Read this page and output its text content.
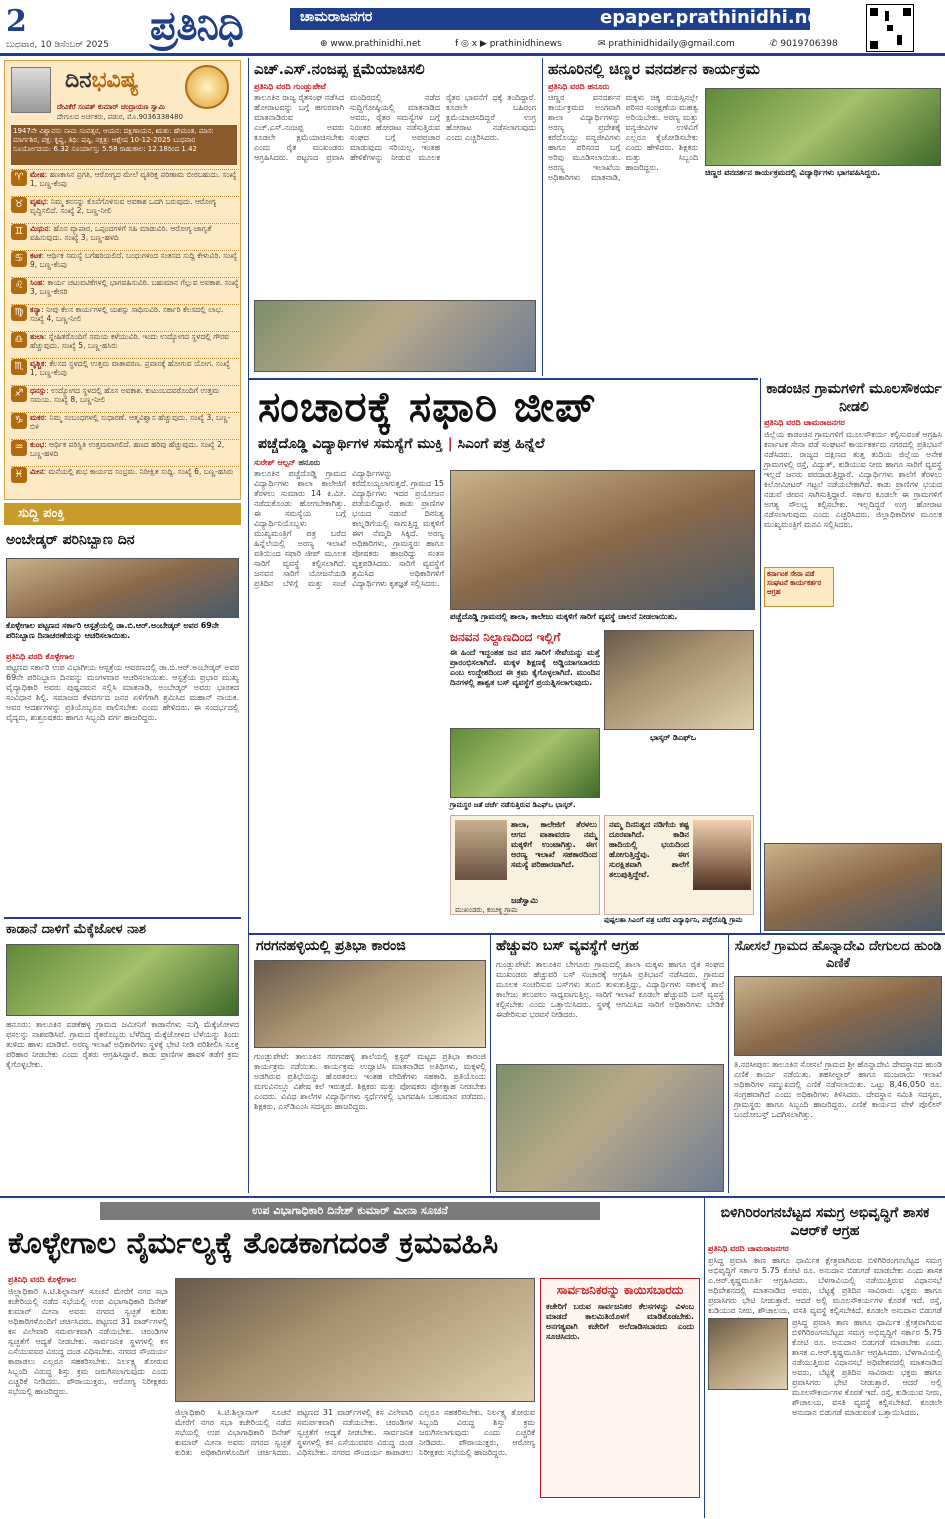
2
ಬುಧವಾರ, 10 ಡಿಸೆಂಬರ್ 2025 ಪ್ರತಿನಿಧಿ	ಚಾಮರಾಜನಗರ	epaper.prathinidhi.net
⊕ www.prathinidhi.net	f ◎ x ▶ prathinidhinews	✉ prathinidhidaily@gmail.com	✆ 9019706398
ದಿನಭವಿಷ್ಯ
ದೇವಿಕೆರೆ ಸಂಪತ್ ಕುಮಾರ್ ಚಂದ್ರಾಯಣ ಸ್ವಾಮಿ
ದೇಗುಲದ ಅರ್ಚಕರು, ಪಡುರ, ಮೊ.9036338480
1947ನೇ ವಿಶ್ವಾವಸು ನಾಮ ಸಂವತ್ಸರ, ಆಯನ: ದಕ್ಷಿಣಾಯನ, ಋತು: ಹೇಮಂತ, ಮಾಸ: ಮಾರ್ಗಶಿರ, ಪಕ್ಷ: ಕೃಷ್ಣ, ತಿಥಿ: ಷಷ್ಠಿ, ನಕ್ಷತ್ರ: ಆಶ್ಲೇಷ 10-12-2025 ಬುಧವಾರ ಸೂರ್ಯೋದಯ: 6.32 ಸೂರ್ಯಾಸ್ತ: 5.58 ರಾಹುಕಾಲ: 12.18ರಿಂದ 1.42
♈ ಮೇಷ: ಹಣಕಾಸಿನ ಪ್ರಗತಿ, ಆರೋಗ್ಯದ ಮೇಲೆ ವ್ಯತಿರಿಕ್ತ ಪರಿಣಾಮ ಬೀರಬಹುದು. ಸಂಖ್ಯೆ 1, ಬಣ್ಣ-ಕೆಂಪು
♉ ವೃಷಭ: ನಿಮ್ಮ ಕನಸನ್ನು ಕೊನೆಗೊಳಿಸುವ ಅವಕಾಶ ಒದಗಿ ಬರುವುದು. ಆರೋಗ್ಯ ವೃದ್ಧಿಸಲಿದೆ. ಸಂಖ್ಯೆ 2, ಬಣ್ಣ-ನೀಲಿ
♊ ಮಿಥುನ: ಹೊಸ ವ್ಯಾಪಾರ, ಒಪ್ಪಂದಗಳಿಗೆ ಸಹಿ ಮಾಡುವಿರಿ. ಆರೋಗ್ಯ ಜಾಗೃತೆ ವಹಿಸುವುದು. ಸಂಖ್ಯೆ 3, ಬಣ್ಣ-ಹಳದಿ
♋ ಕಟಕ: ಆರ್ಥಿಕ ಸಮಸ್ಯೆ ಬಗೆಹರಿಯಲಿದೆ. ಬಂಧುಗಳಿಂದ ಸಂತಸದ ಸುದ್ದಿ ಕೇಳುವಿರಿ. ಸಂಖ್ಯೆ 9, ಬಣ್ಣ-ಕೆಂಪು
♌ ಸಿಂಹ: ಕಾರ್ಯ ಚಟುವಟಿಕೆಗಳಲ್ಲಿ ಭಾಗವಹಿಸುವಿರಿ. ಬಹುಮಾನ ಗೆಲ್ಲುವ ಅವಕಾಶ. ಸಂಖ್ಯೆ 3, ಬಣ್ಣ-ಕೇಸರಿ
♍ ಕನ್ಯಾ: ನೀವು ಕೆಲಸ ಕಾರ್ಯಗಳಲ್ಲಿ ಯಶಸ್ಸು ಸಾಧಿಸುವಿರಿ. ಸರ್ಕಾರಿ ಕೆಲಸದಲ್ಲಿ ಲಾಭ. ಸಂಖ್ಯೆ 4, ಬಣ್ಣ-ನೀಲಿ
♎ ತುಲಾ: ಸ್ನೇಹಿತರೊಂದಿಗೆ ಸಮಯ ಕಳೆಯುವಿರಿ. ಇಂದು ಉದ್ಯೋಗದ ಸ್ಥಳದಲ್ಲಿ ಗೌರವ ಹೆಚ್ಚುವುದು. ಸಂಖ್ಯೆ 5, ಬಣ್ಣ-ಹಸಿರು
♏ ವೃಶ್ಚಿಕ: ಕೆಲಸದ ಸ್ಥಳದಲ್ಲಿ ಉತ್ತಮ ವಾತಾವರಣ. ಪ್ರವಾಸಕ್ಕೆ ಹೋಗುವ ಯೋಗ. ಸಂಖ್ಯೆ 1, ಬಣ್ಣ-ಕೆಂಪು
♐ ಧನಸ್ಸು: ಉದ್ಯೋಗದ ಸ್ಥಳದಲ್ಲಿ ಹೊಸ ಅವಕಾಶ. ಕುಟುಂಬದವರೊಂದಿಗೆ ಉತ್ತಮ ಸಮಯ. ಸಂಖ್ಯೆ 8, ಬಣ್ಣ-ನೀಲಿ
♑ ಮಕರ: ನಿಮ್ಮ ಸಂಬಂಧಗಳಲ್ಲಿ ಸುಧಾರಣೆ. ಆತ್ಮವಿಶ್ವಾಸ ಹೆಚ್ಚುವುದು. ಸಂಖ್ಯೆ 3, ಬಣ್ಣ-ಬಿಳಿ
♒ ಕುಂಭ: ಆರ್ಥಿಕ ಪರಿಸ್ಥಿತಿ ಉತ್ತಮವಾಗಲಿದೆ. ಹಣದ ಹರಿವು ಹೆಚ್ಚುವುದು. ಸಂಖ್ಯೆ 2, ಬಣ್ಣ-ಹಳದಿ
♓ ಮೀನ: ಮನೆಯಲ್ಲಿ ಶುಭ ಕಾರ್ಯದ ಸಂಭ್ರಮ. ನಿರೀಕ್ಷಿತ ಸುದ್ದಿ. ಸಂಖ್ಯೆ 6, ಬಣ್ಣ-ಹಸಿರು
ಸುದ್ದಿ ಪಂಕ್ತಿ
ಅಂಬೇಡ್ಕರ್ ಪರಿನಿಬ್ಬಾಣ ದಿನ
ಕೊಳ್ಳೇಗಾಲ ಪಟ್ಟಣದ ಸರ್ಕಾರಿ ಆಸ್ಪತ್ರೆಯಲ್ಲಿ ಡಾ.ಬಿ.ಆರ್.ಅಂಬೇಡ್ಕರ್ ಅವರ 69ನೇ ಪರಿನಿಬ್ಬಾಣ ದಿನಾಚರಣೆಯನ್ನು ಆಚರಿಸಲಾಯಿತು.
ಪ್ರತಿನಿಧಿ ವರದಿ ಕೊಳ್ಳೇಗಾಲ
ಪಟ್ಟಣದ ಸರ್ಕಾರಿ ಉಪ ವಿಭಾಗೀಯ ಆಸ್ಪತ್ರೆಯ ಆವರಣದಲ್ಲಿ ಡಾ.ಬಿ.ಆರ್.ಅಂಬೇಡ್ಕರ್ ಅವರ 69ನೇ ಪರಿನಿಬ್ಬಾಣ ದಿನವನ್ನು ಮಂಗಳವಾರ ಆಚರಿಸಲಾಯಿತು. ಆಸ್ಪತ್ರೆಯ ಪ್ರಭಾರ ಮುಖ್ಯ ವೈದ್ಯಾಧಿಕಾರಿ ಅವರು ಪುಷ್ಪನಮನ ಸಲ್ಲಿಸಿ ಮಾತನಾಡಿ, ಅಂಬೇಡ್ಕರ್ ಅವರು ಭಾರತದ ಸಂವಿಧಾನ ಶಿಲ್ಪಿ. ಸಮಾಜದ ಕೆಳವರ್ಗದ ಜನರ ಏಳಿಗೆಗಾಗಿ ಶ್ರಮಿಸಿದ ಮಹಾನ್ ನಾಯಕ. ಅವರ ಆದರ್ಶಗಳನ್ನು ಪ್ರತಿಯೊಬ್ಬರೂ ಪಾಲಿಸಬೇಕು ಎಂದು ಹೇಳಿದರು. ಈ ಸಂದರ್ಭದಲ್ಲಿ ವೈದ್ಯರು, ಶುಶ್ರೂಷಕರು ಹಾಗೂ ಸಿಬ್ಬಂದಿ ವರ್ಗ ಹಾಜರಿದ್ದರು.
ಕಾಡಾನೆ ದಾಳಿಗೆ ಮೆಕ್ಕೆಜೋಳ ನಾಶ
ಹನೂರು: ತಾಲೂಕಿನ ವಡಕೆಹಳ್ಳ ಗ್ರಾಮದ ಜಮೀನಿಗೆ ಕಾಡಾನೆಗಳು ನುಗ್ಗಿ ಮೆಕ್ಕೆಜೋಳದ ಫಸಲನ್ನು ನಾಶಪಡಿಸಿವೆ. ಗ್ರಾಮದ ರೈತರೊಬ್ಬರು ಬೆಳೆದಿದ್ದ ಮೆಕ್ಕೆಜೋಳದ ಬೆಳೆಯನ್ನು ತಿಂದು ತುಳಿದು ಹಾಳು ಮಾಡಿವೆ. ಅರಣ್ಯ ಇಲಾಖೆ ಅಧಿಕಾರಿಗಳು ಸ್ಥಳಕ್ಕೆ ಭೇಟಿ ನೀಡಿ ಪರಿಶೀಲಿಸಿ ಸೂಕ್ತ ಪರಿಹಾರ ನೀಡಬೇಕು ಎಂದು ರೈತರು ಆಗ್ರಹಿಸಿದ್ದಾರೆ. ಕಾಡು ಪ್ರಾಣಿಗಳ ಹಾವಳಿ ತಡೆಗೆ ಕ್ರಮ ಕೈಗೊಳ್ಳಬೇಕು.
ಎಚ್.ಎಸ್.ನಂಜಪ್ಪ ಕ್ಷಮೆಯಾಚಿಸಲಿ
ಪ್ರತಿನಿಧಿ ವರದಿ ಗುಂಡ್ಲುಪೇಟೆ
ತಾಲೂಕಿನ ರಾಜ್ಯ ರೈತಸಂಘ ನಡೆಸಿದ ಹೋರಾಟವನ್ನು ಬಗ್ಗೆ ಹಗುರವಾಗಿ ಮಾತನಾಡಿರುವ ಎಚ್.ಎಸ್.ನಂಜಪ್ಪ ಅವರು ಕೂಡಲೇ ಕ್ಷಮೆಯಾಚಿಸಬೇಕು ಎಂದು ರೈತ ಮುಖಂಡರು ಆಗ್ರಹಿಸಿದರು. ಪಟ್ಟಣದ ಪ್ರವಾಸಿ ಮಂದಿರದಲ್ಲಿ ನಡೆದ ಸುದ್ದಿಗೋಷ್ಠಿಯಲ್ಲಿ ಮಾತನಾಡಿದ ಅವರು, ರೈತರ ಸಮಸ್ಯೆಗಳ ಬಗ್ಗೆ ನಿರಂತರ ಹೋರಾಟ ನಡೆಸುತ್ತಿರುವ ಸಂಘದ ಬಗ್ಗೆ ಅಪಪ್ರಚಾರ ಮಾಡುವುದು ಸರಿಯಲ್ಲ. ಇಂತಹ ಹೇಳಿಕೆಗಳನ್ನು ನೀಡುವ ಮೂಲಕ ರೈತರ ಭಾವನೆಗೆ ಧಕ್ಕೆ ತಂದಿದ್ದಾರೆ. ಕೂಡಲೇ ಬಹಿರಂಗ ಕ್ಷಮೆಯಾಚಿಸದಿದ್ದರೆ ಉಗ್ರ ಹೋರಾಟ ನಡೆಸಲಾಗುವುದು ಎಂದು ಎಚ್ಚರಿಸಿದರು.
ಹನೂರಿನಲ್ಲಿ ಚಿಣ್ಣರ ವನದರ್ಶನ ಕಾರ್ಯಕ್ರಮ
ಪ್ರತಿನಿಧಿ ವರದಿ ಹನೂರು
ಚಿಣ್ಣರ ವನದರ್ಶನ ಕಾರ್ಯಕ್ರಮದ ಅಂಗವಾಗಿ ಶಾಲಾ ವಿದ್ಯಾರ್ಥಿಗಳನ್ನು ಅರಣ್ಯ ಪ್ರದೇಶಕ್ಕೆ ಕರೆದೊಯ್ದು ವನ್ಯಜೀವಿಗಳು ಹಾಗೂ ಪರಿಸರದ ಬಗ್ಗೆ ಅರಿವು ಮೂಡಿಸಲಾಯಿತು. ಅರಣ್ಯ ಇಲಾಖೆಯ ಅಧಿಕಾರಿಗಳು ಮಾತನಾಡಿ, ಮಕ್ಕಳು ಚಿಕ್ಕ ವಯಸ್ಸಿನಲ್ಲೇ ಪರಿಸರ ಸಂರಕ್ಷಣೆಯ ಮಹತ್ವ ಅರಿಯಬೇಕು. ಅರಣ್ಯ ಮತ್ತು ವನ್ಯಜೀವಿಗಳ ಉಳಿವಿಗೆ ಎಲ್ಲರೂ ಕೈಜೋಡಿಸಬೇಕು ಎಂದು ಹೇಳಿದರು. ಶಿಕ್ಷಕರು ಮತ್ತು ಸಿಬ್ಬಂದಿ ಹಾಜರಿದ್ದರು.
ಚಿಣ್ಣರ ವನದರ್ಶನ ಕಾರ್ಯಕ್ರಮದಲ್ಲಿ ವಿದ್ಯಾರ್ಥಿಗಳು ಭಾಗವಹಿಸಿದ್ದರು.
ಸಂಚಾರಕ್ಕೆ ಸಫಾರಿ ಜೀಪ್
ಪಚ್ಚೆದೊಡ್ಡಿ ವಿದ್ಯಾರ್ಥಿಗಳ ಸಮಸ್ಯೆಗೆ ಮುಕ್ತಿ | ಸಿಎಂಗೆ ಪತ್ರ ಹಿನ್ನೆಲೆ
ಸುರೇಶ್ ಆಲ್ಪನ್ ಹನೂರು
ತಾಲೂಕಿನ ಪಚ್ಚೆದೊಡ್ಡಿ ಗ್ರಾಮದ ವಿದ್ಯಾರ್ಥಿಗಳು ಶಾಲಾ ಕಾಲೇಜಿಗೆ ತೆರಳಲು ಸುಮಾರು 14 ಕಿ.ಮೀ. ನಡೆದುಕೊಂಡು ಹೋಗಬೇಕಾಗಿತ್ತು. ಈ ಸಮಸ್ಯೆಯ ಬಗ್ಗೆ ವಿದ್ಯಾರ್ಥಿನಿಯೊಬ್ಬಳು ಮುಖ್ಯಮಂತ್ರಿಗೆ ಪತ್ರ ಬರೆದ ಹಿನ್ನೆಲೆಯಲ್ಲಿ ಅರಣ್ಯ ಇಲಾಖೆ ವತಿಯಿಂದ ಸಫಾರಿ ಜೀಪ್ ಮೂಲಕ ಸಾರಿಗೆ ವ್ಯವಸ್ಥೆ ಕಲ್ಪಿಸಲಾಗಿದೆ. ಜನವನ ಸಾರಿಗೆ ಯೋಜನೆಯಡಿ ಪ್ರತಿದಿನ ಬೆಳಿಗ್ಗೆ ಮತ್ತು ಸಂಜೆ ವಿದ್ಯಾರ್ಥಿಗಳನ್ನು ಕರೆದೊಯ್ಯಲಾಗುತ್ತದೆ. ಗ್ರಾಮದ 15 ವಿದ್ಯಾರ್ಥಿಗಳು ಇದರ ಪ್ರಯೋಜನ ಪಡೆಯಲಿದ್ದಾರೆ. ಕಾಡು ಪ್ರಾಣಿಗಳ ಭಯದ ನಡುವೆ ದಿನನಿತ್ಯ ಕಾಲ್ನಡಿಗೆಯಲ್ಲಿ ಸಾಗುತ್ತಿದ್ದ ಮಕ್ಕಳಿಗೆ ಈಗ ನೆಮ್ಮದಿ ಸಿಕ್ಕಿದೆ. ಅರಣ್ಯ ಅಧಿಕಾರಿಗಳು, ಗ್ರಾಮಸ್ಥರು ಹಾಗೂ ಪೋಷಕರು ಹಾಜರಿದ್ದು ಸಂತಸ ವ್ಯಕ್ತಪಡಿಸಿದರು. ಸಾರಿಗೆ ವ್ಯವಸ್ಥೆಗೆ ಶ್ರಮಿಸಿದ ಅಧಿಕಾರಿಗಳಿಗೆ ವಿದ್ಯಾರ್ಥಿಗಳು ಕೃತಜ್ಞತೆ ಸಲ್ಲಿಸಿದರು.
ಪಚ್ಚೆದೊಡ್ಡಿ ಗ್ರಾಮದಲ್ಲಿ ಶಾಲಾ, ಕಾಲೇಜು ಮಕ್ಕಳಿಗೆ ಸಾರಿಗೆ ವ್ಯವಸ್ಥೆ ಚಾಲನೆ ನೀಡಲಾಯಿತು.
ಜನವನ ನಿಲ್ದಾಣದಿಂದ ಇಲ್ಲಿಗೆ
ಈ ಹಿಂದೆ ಇದ್ದಂತಹ ಜನ ವನ ಸಾರಿಗೆ ಸೇವೆಯನ್ನು ಮತ್ತೆ ಪ್ರಾರಂಭಿಸಲಾಗಿದೆ. ಮಕ್ಕಳ ಶಿಕ್ಷಣಕ್ಕೆ ಅಡ್ಡಿಯಾಗಬಾರದು ಎಂಬ ಉದ್ದೇಶದಿಂದ ಈ ಕ್ರಮ ಕೈಗೊಳ್ಳಲಾಗಿದೆ. ಮುಂದಿನ ದಿನಗಳಲ್ಲಿ ಶಾಶ್ವತ ಬಸ್ ವ್ಯವಸ್ಥೆಗೆ ಪ್ರಯತ್ನಿಸಲಾಗುವುದು.
ಭಾಸ್ಕರ್ ಡಿಎಫ್‌ಒ
ಗ್ರಾಮಸ್ಥರ ಜತೆ ಚರ್ಚೆ ನಡೆಸುತ್ತಿರುವ ಡಿಎಫ್‌ಒ ಭಾಸ್ಕರ್.
ಶಾಲಾ, ಕಾಲೇಜಿಗೆ ತೆರಳಲು ಆಗದ ವಾತಾವರಣ ನಮ್ಮ ಮಕ್ಕಳಿಗೆ ಉಂಟಾಗಿತ್ತು. ಈಗ ಅರಣ್ಯ ಇಲಾಖೆ ಸಹಕಾರದಿಂದ ಸಮಸ್ಯೆ ಪರಿಹಾರವಾಗಿದೆ.
ಜಡೆಸ್ವಾಮಿ
ಮುಖಂಡರು, ಕಂಚಳ್ಳಿ ಗ್ರಾಮ
ನಮ್ಮ ದಿನನಿತ್ಯದ ನಡಿಗೆಯ ಕಷ್ಟ ದೂರವಾಗಿದೆ. ಕಾಡಿನ ಹಾದಿಯಲ್ಲಿ ಭಯದಿಂದ ಹೋಗುತ್ತಿದ್ದೆವು. ಈಗ ಸುರಕ್ಷಿತವಾಗಿ ಶಾಲೆಗೆ ತಲುಪುತ್ತಿದ್ದೇವೆ.
ಪುಷ್ಪಲತಾ ಸಿಎಂಗೆ ಪತ್ರ ಬರೆದ ವಿದ್ಯಾರ್ಥಿನಿ, ಪಚ್ಚೆದೊಡ್ಡಿ ಗ್ರಾಮ
ಕಾಡಂಚಿನ ಗ್ರಾಮಗಳಿಗೆ ಮೂಲಸೌಕರ್ಯ ನೀಡಲಿ
ಪ್ರತಿನಿಧಿ ವರದಿ ಚಾಮರಾಜನಗರ
ಜಿಲ್ಲೆಯ ಕಾಡಂಚಿನ ಗ್ರಾಮಗಳಿಗೆ ಮೂಲಸೌಕರ್ಯ ಕಲ್ಪಿಸುವಂತೆ ಆಗ್ರಹಿಸಿ ಕರ್ನಾಟಕ ಸೇನಾ ಪಡೆ ಸಂಘಟನೆ ಕಾರ್ಯಕರ್ತರು ನಗರದಲ್ಲಿ ಪ್ರತಿಭಟನೆ ನಡೆಸಿದರು. ರಾಜ್ಯದ ದಕ್ಷಿಣದ ತುತ್ತ ತುದಿಯ ಜಿಲ್ಲೆಯ ಅನೇಕ ಗ್ರಾಮಗಳಲ್ಲಿ ರಸ್ತೆ, ವಿದ್ಯುತ್, ಕುಡಿಯುವ ನೀರು ಹಾಗೂ ಸಾರಿಗೆ ವ್ಯವಸ್ಥೆ ಇಲ್ಲದೆ ಜನರು ಪರದಾಡುತ್ತಿದ್ದಾರೆ. ವಿದ್ಯಾರ್ಥಿಗಳು ಶಾಲೆಗೆ ತೆರಳಲು ಕಿಲೋಮೀಟರ್ ಗಟ್ಟಲೆ ನಡೆಯಬೇಕಾಗಿದೆ. ಕಾಡು ಪ್ರಾಣಿಗಳ ಭಯದ ನಡುವೆ ಜೀವನ ಸಾಗಿಸುತ್ತಿದ್ದಾರೆ. ಸರ್ಕಾರ ಕೂಡಲೇ ಈ ಗ್ರಾಮಗಳಿಗೆ ಅಗತ್ಯ ಸೌಲಭ್ಯ ಕಲ್ಪಿಸಬೇಕು. ಇಲ್ಲದಿದ್ದರೆ ಉಗ್ರ ಹೋರಾಟ ನಡೆಸಲಾಗುವುದು ಎಂದು ಎಚ್ಚರಿಸಿದರು. ಜಿಲ್ಲಾಧಿಕಾರಿಗಳ ಮೂಲಕ ಮುಖ್ಯಮಂತ್ರಿಗೆ ಮನವಿ ಸಲ್ಲಿಸಿದರು.
ಕರ್ನಾಟಕ ಸೇನಾ ಪಡೆ ಸಂಘಟನೆ ಕಾರ್ಯಕರ್ತರ ಆಗ್ರಹ
ಗರಗನಹಳ್ಳಿಯಲ್ಲಿ ಪ್ರತಿಭಾ ಕಾರಂಜಿ
ಗುಂಡ್ಲುಪೇಟೆ: ತಾಲೂಕಿನ ಗರಗನಹಳ್ಳಿ ಶಾಲೆಯಲ್ಲಿ ಕ್ಲಸ್ಟರ್ ಮಟ್ಟದ ಪ್ರತಿಭಾ ಕಾರಂಜಿ ಕಾರ್ಯಕ್ರಮ ನಡೆಯಿತು. ಕಾರ್ಯಕ್ರಮ ಉದ್ಘಾಟಿಸಿ ಮಾತನಾಡಿದ ಅತಿಥಿಗಳು, ಮಕ್ಕಳಲ್ಲಿ ಅಡಗಿರುವ ಪ್ರತಿಭೆಯನ್ನು ಹೊರತರಲು ಇಂತಹ ವೇದಿಕೆಗಳು ಸಹಕಾರಿ. ಪ್ರತಿಯೊಂದು ಮಗುವಿನಲ್ಲೂ ವಿಶೇಷ ಕಲೆ ಇರುತ್ತದೆ. ಶಿಕ್ಷಕರು ಮತ್ತು ಪೋಷಕರು ಪ್ರೋತ್ಸಾಹ ನೀಡಬೇಕು ಎಂದರು. ವಿವಿಧ ಶಾಲೆಗಳ ವಿದ್ಯಾರ್ಥಿಗಳು ಸ್ಪರ್ಧೆಗಳಲ್ಲಿ ಭಾಗವಹಿಸಿ ಬಹುಮಾನ ಪಡೆದರು. ಶಿಕ್ಷಕರು, ಎಸ್‌ಡಿಎಂಸಿ ಸದಸ್ಯರು ಹಾಜರಿದ್ದರು.
ಹೆಚ್ಚುವರಿ ಬಸ್ ವ್ಯವಸ್ಥೆಗೆ ಆಗ್ರಹ
ಗುಂಡ್ಲುಪೇಟೆ: ತಾಲೂಕಿನ ಬೇಗೂರು ಗ್ರಾಮದಲ್ಲಿ ಶಾಲಾ ಮಕ್ಕಳು ಹಾಗೂ ರೈತ ಸಂಘದ ಮುಖಂಡರು ಹೆಚ್ಚುವರಿ ಬಸ್ ಸಂಚಾರಕ್ಕೆ ಆಗ್ರಹಿಸಿ ಪ್ರತಿಭಟನೆ ನಡೆಸಿದರು. ಗ್ರಾಮದ ಮೂಲಕ ಸಂಚರಿಸುವ ಬಸ್‌ಗಳು ತುಂಬಿ ತುಳುಕುತ್ತಿದ್ದು, ವಿದ್ಯಾರ್ಥಿಗಳು ಸಕಾಲಕ್ಕೆ ಶಾಲೆ ಕಾಲೇಜು ತಲುಪಲು ಸಾಧ್ಯವಾಗುತ್ತಿಲ್ಲ. ಸಾರಿಗೆ ಇಲಾಖೆ ಕೂಡಲೇ ಹೆಚ್ಚುವರಿ ಬಸ್ ವ್ಯವಸ್ಥೆ ಕಲ್ಪಿಸಬೇಕು ಎಂದು ಒತ್ತಾಯಿಸಿದರು. ಸ್ಥಳಕ್ಕೆ ಆಗಮಿಸಿದ ಸಾರಿಗೆ ಅಧಿಕಾರಿಗಳು ಬೇಡಿಕೆ ಈಡೇರಿಸುವ ಭರವಸೆ ನೀಡಿದರು.
ಸೋಸಲೆ ಗ್ರಾಮದ ಹೊನ್ನಾದೇವಿ ದೇಗುಲದ ಹುಂಡಿ ಎಣಿಕೆ
ತಿ.ನರಸೀಪುರ: ತಾಲೂಕಿನ ಸೋಸಲೆ ಗ್ರಾಮದ ಶ್ರೀ ಹೊನ್ನಾದೇವಿ ದೇವಸ್ಥಾನದ ಹುಂಡಿ ಎಣಿಕೆ ಕಾರ್ಯ ನಡೆಯಿತು. ತಹಸೀಲ್ದಾರ್ ಹಾಗೂ ಮುಜರಾಯಿ ಇಲಾಖೆ ಅಧಿಕಾರಿಗಳ ಸಮ್ಮುಖದಲ್ಲಿ ಎಣಿಕೆ ನಡೆಸಲಾಯಿತು. ಒಟ್ಟು 8,46,050 ರೂ. ಸಂಗ್ರಹವಾಗಿದೆ ಎಂದು ಅಧಿಕಾರಿಗಳು ತಿಳಿಸಿದರು. ದೇವಸ್ಥಾನ ಸಮಿತಿ ಸದಸ್ಯರು, ಗ್ರಾಮಸ್ಥರು ಹಾಗೂ ಸಿಬ್ಬಂದಿ ಹಾಜರಿದ್ದರು. ಎಣಿಕೆ ಕಾರ್ಯದ ವೇಳೆ ಪೊಲೀಸ್ ಬಂದೋಬಸ್ತ್ ಒದಗಿಸಲಾಗಿತ್ತು.
ಉಪ ವಿಭಾಗಾಧಿಕಾರಿ ದಿನೇಶ್ ಕುಮಾರ್ ಮೀನಾ ಸೂಚನೆ
ಕೊಳ್ಳೇಗಾಲ ನೈರ್ಮಲ್ಯಕ್ಕೆ ತೊಡಕಾಗದಂತೆ ಕ್ರಮವಹಿಸಿ
ಪ್ರತಿನಿಧಿ ವರದಿ ಕೊಳ್ಳೇಗಾಲ
ಜಿಲ್ಲಾಧಿಕಾರಿ ಸಿ.ಟಿ.ಶಿಲ್ಪಾನಾಗ್ ಸೂಚನೆ ಮೇರೆಗೆ ನಗರ ಸಭಾ ಕಚೇರಿಯಲ್ಲಿ ನಡೆದ ಸಭೆಯಲ್ಲಿ ಉಪ ವಿಭಾಗಾಧಿಕಾರಿ ದಿನೇಶ್ ಕುಮಾರ್ ಮೀನಾ ಅವರು ನಗರದ ಸ್ವಚ್ಛತೆ ಕುರಿತು ಅಧಿಕಾರಿಗಳೊಂದಿಗೆ ಚರ್ಚಿಸಿದರು. ಪಟ್ಟಣದ 31 ವಾರ್ಡ್‌ಗಳಲ್ಲಿ ಕಸ ವಿಲೇವಾರಿ ಸಮರ್ಪಕವಾಗಿ ನಡೆಯಬೇಕು. ಚರಂಡಿಗಳ ಸ್ವಚ್ಛತೆಗೆ ಆದ್ಯತೆ ನೀಡಬೇಕು. ಸಾರ್ವಜನಿಕ ಸ್ಥಳಗಳಲ್ಲಿ ಕಸ ಎಸೆಯುವವರ ವಿರುದ್ಧ ದಂಡ ವಿಧಿಸಬೇಕು. ನಗರದ ಸೌಂದರ್ಯ ಕಾಪಾಡಲು ಎಲ್ಲರೂ ಸಹಕರಿಸಬೇಕು. ನಿರ್ಲಕ್ಷ್ಯ ತೋರುವ ಸಿಬ್ಬಂದಿ ವಿರುದ್ಧ ಶಿಸ್ತು ಕ್ರಮ ಜರುಗಿಸಲಾಗುವುದು ಎಂದು ಎಚ್ಚರಿಕೆ ನೀಡಿದರು. ಪೌರಾಯುಕ್ತರು, ಆರೋಗ್ಯ ನಿರೀಕ್ಷಕರು ಸಭೆಯಲ್ಲಿ ಹಾಜರಿದ್ದರು.
ಜಿಲ್ಲಾಧಿಕಾರಿ ಸಿ.ಟಿ.ಶಿಲ್ಪಾನಾಗ್ ಸೂಚನೆ ಮೇರೆಗೆ ನಗರ ಸಭಾ ಕಚೇರಿಯಲ್ಲಿ ನಡೆದ ಸಭೆಯಲ್ಲಿ ಉಪ ವಿಭಾಗಾಧಿಕಾರಿ ದಿನೇಶ್ ಕುಮಾರ್ ಮೀನಾ ಅವರು ನಗರದ ಸ್ವಚ್ಛತೆ ಕುರಿತು ಅಧಿಕಾರಿಗಳೊಂದಿಗೆ ಚರ್ಚಿಸಿದರು. ಪಟ್ಟಣದ 31 ವಾರ್ಡ್‌ಗಳಲ್ಲಿ ಕಸ ವಿಲೇವಾರಿ ಸಮರ್ಪಕವಾಗಿ ನಡೆಯಬೇಕು. ಚರಂಡಿಗಳ ಸ್ವಚ್ಛತೆಗೆ ಆದ್ಯತೆ ನೀಡಬೇಕು. ಸಾರ್ವಜನಿಕ ಸ್ಥಳಗಳಲ್ಲಿ ಕಸ ಎಸೆಯುವವರ ವಿರುದ್ಧ ದಂಡ ವಿಧಿಸಬೇಕು. ನಗರದ ಸೌಂದರ್ಯ ಕಾಪಾಡಲು ಎಲ್ಲರೂ ಸಹಕರಿಸಬೇಕು. ನಿರ್ಲಕ್ಷ್ಯ ತೋರುವ ಸಿಬ್ಬಂದಿ ವಿರುದ್ಧ ಶಿಸ್ತು ಕ್ರಮ ಜರುಗಿಸಲಾಗುವುದು ಎಂದು ಎಚ್ಚರಿಕೆ ನೀಡಿದರು. ಪೌರಾಯುಕ್ತರು, ಆರೋಗ್ಯ ನಿರೀಕ್ಷಕರು ಸಭೆಯಲ್ಲಿ ಹಾಜರಿದ್ದರು.
ಸಾರ್ವಜನಿಕರನ್ನು ಕಾಯಿಸಬಾರದು
ಕಚೇರಿಗೆ ಬರುವ ಸಾರ್ವಜನಿಕರ ಕೆಲಸಗಳನ್ನು ವಿಳಂಬ ಮಾಡದೆ ಕಾಲಮಿತಿಯೊಳಗೆ ಮಾಡಿಕೊಡಬೇಕು. ಅನಗತ್ಯವಾಗಿ ಕಚೇರಿಗೆ ಅಲೆದಾಡಿಸಬಾರದು ಎಂದು ಸೂಚಿಸಿದರು.
ಬಿಳಿಗಿರಿರಂಗನಬೆಟ್ಟದ ಸಮಗ್ರ ಅಭಿವೃದ್ಧಿಗೆ ಶಾಸಕ ಎಆರ್‌ಕೆ ಆಗ್ರಹ
ಪ್ರತಿನಿಧಿ ವರದಿ ಚಾಮರಾಜನಗರ
ಪ್ರಸಿದ್ಧ ಪ್ರವಾಸಿ ತಾಣ ಹಾಗೂ ಧಾರ್ಮಿಕ ಕ್ಷೇತ್ರವಾಗಿರುವ ಬಿಳಿಗಿರಿರಂಗನಬೆಟ್ಟದ ಸಮಗ್ರ ಅಭಿವೃದ್ಧಿಗೆ ಸರ್ಕಾರ 5.75 ಕೋಟಿ ರೂ. ಅನುದಾನ ಬಿಡುಗಡೆ ಮಾಡಬೇಕು ಎಂದು ಶಾಸಕ ಎ.ಆರ್.ಕೃಷ್ಣಮೂರ್ತಿ ಆಗ್ರಹಿಸಿದರು. ಬೆಳಗಾವಿಯಲ್ಲಿ ನಡೆಯುತ್ತಿರುವ ವಿಧಾನಸಭೆ ಅಧಿವೇಶನದಲ್ಲಿ ಮಾತನಾಡಿದ ಅವರು, ಬೆಟ್ಟಕ್ಕೆ ಪ್ರತಿದಿನ ಸಾವಿರಾರು ಭಕ್ತರು ಹಾಗೂ ಪ್ರವಾಸಿಗರು ಭೇಟಿ ನೀಡುತ್ತಾರೆ. ಆದರೆ ಅಲ್ಲಿ ಮೂಲಸೌಕರ್ಯಗಳ ಕೊರತೆ ಇದೆ. ರಸ್ತೆ, ಕುಡಿಯುವ ನೀರು, ಶೌಚಾಲಯ, ವಸತಿ ವ್ಯವಸ್ಥೆ ಕಲ್ಪಿಸಬೇಕಿದೆ. ಕೂಡಲೇ ಅನುದಾನ ಬಿಡುಗಡೆ
ಪ್ರಸಿದ್ಧ ಪ್ರವಾಸಿ ತಾಣ ಹಾಗೂ ಧಾರ್ಮಿಕ ಕ್ಷೇತ್ರವಾಗಿರುವ ಬಿಳಿಗಿರಿರಂಗನಬೆಟ್ಟದ ಸಮಗ್ರ ಅಭಿವೃದ್ಧಿಗೆ ಸರ್ಕಾರ 5.75 ಕೋಟಿ ರೂ. ಅನುದಾನ ಬಿಡುಗಡೆ ಮಾಡಬೇಕು ಎಂದು ಶಾಸಕ ಎ.ಆರ್.ಕೃಷ್ಣಮೂರ್ತಿ ಆಗ್ರಹಿಸಿದರು. ಬೆಳಗಾವಿಯಲ್ಲಿ ನಡೆಯುತ್ತಿರುವ ವಿಧಾನಸಭೆ ಅಧಿವೇಶನದಲ್ಲಿ ಮಾತನಾಡಿದ ಅವರು, ಬೆಟ್ಟಕ್ಕೆ ಪ್ರತಿದಿನ ಸಾವಿರಾರು ಭಕ್ತರು ಹಾಗೂ ಪ್ರವಾಸಿಗರು ಭೇಟಿ ನೀಡುತ್ತಾರೆ. ಆದರೆ ಅಲ್ಲಿ ಮೂಲಸೌಕರ್ಯಗಳ ಕೊರತೆ ಇದೆ. ರಸ್ತೆ, ಕುಡಿಯುವ ನೀರು, ಶೌಚಾಲಯ, ವಸತಿ ವ್ಯವಸ್ಥೆ ಕಲ್ಪಿಸಬೇಕಿದೆ. ಕೂಡಲೇ ಅನುದಾನ ಬಿಡುಗಡೆ ಮಾಡುವಂತೆ ಒತ್ತಾಯಿಸಿದರು.
